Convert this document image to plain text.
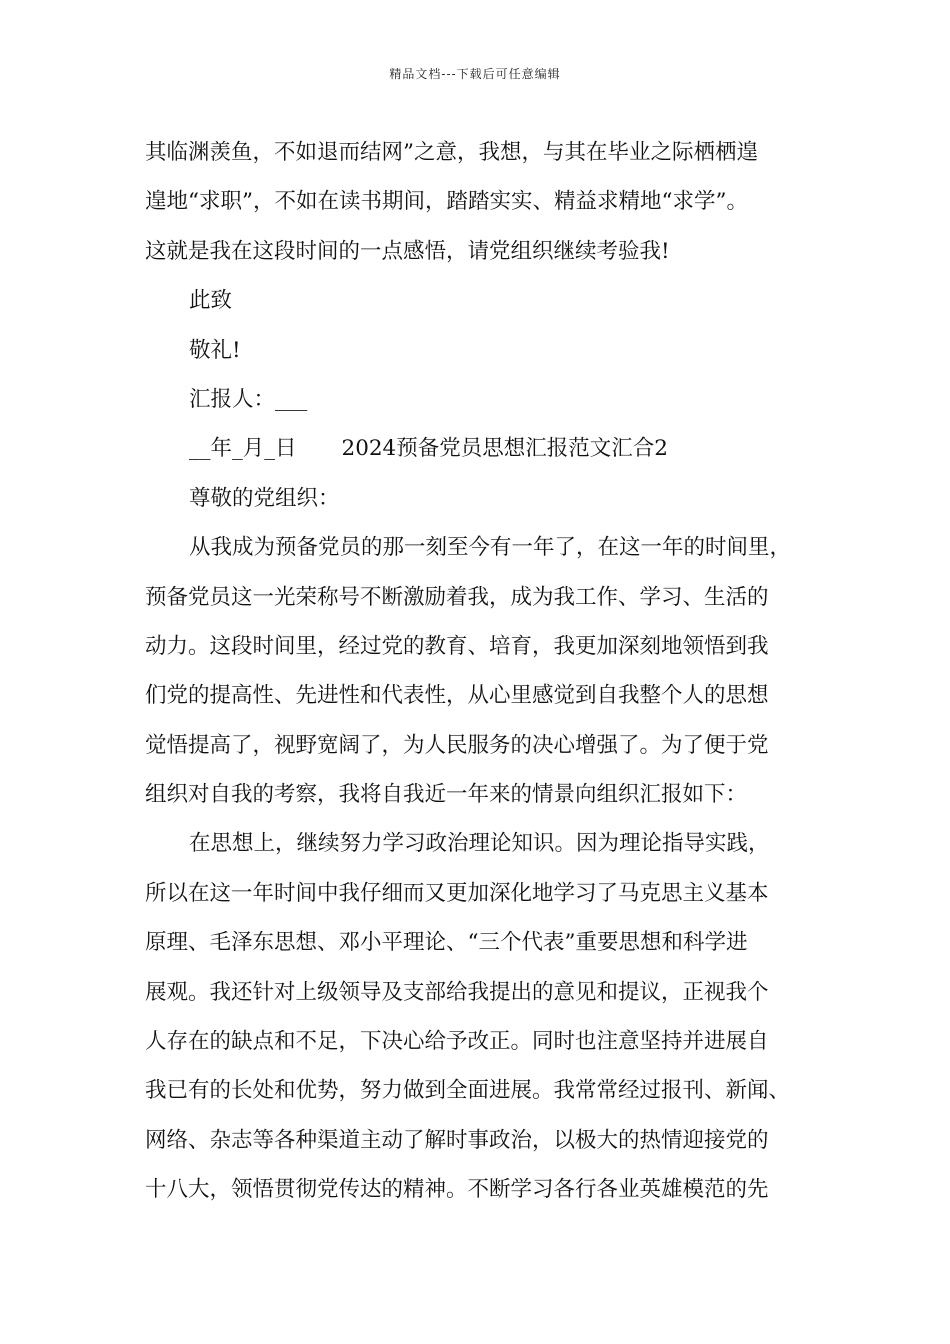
精品文档---下载后可任意编辑
其临渊羡鱼，不如退而结网”之意，我想，与其在毕业之际栖栖遑
遑地“求职”，不如在读书期间，踏踏实实、精益求精地“求学”。
这就是我在这段时间的一点感悟，请党组织继续考验我!
此致
敬礼!
汇报人：___
__年_月_日 2024预备党员思想汇报范文汇合2
尊敬的党组织：
从我成为预备党员的那一刻至今有一年了，在这一年的时间里，
预备党员这一光荣称号不断激励着我，成为我工作、学习、生活的
动力。这段时间里，经过党的教育、培育，我更加深刻地领悟到我
们党的提高性、先进性和代表性，从心里感觉到自我整个人的思想
觉悟提高了，视野宽阔了，为人民服务的决心增强了。为了便于党
组织对自我的考察，我将自我近一年来的情景向组织汇报如下：
在思想上，继续努力学习政治理论知识。因为理论指导实践，
所以在这一年时间中我仔细而又更加深化地学习了马克思主义基本
原理、毛泽东思想、邓小平理论、“三个代表”重要思想和科学进
展观。我还针对上级领导及支部给我提出的意见和提议，正视我个
人存在的缺点和不足，下决心给予改正。同时也注意坚持并进展自
我已有的长处和优势，努力做到全面进展。我常常经过报刊、新闻、
网络、杂志等各种渠道主动了解时事政治，以极大的热情迎接党的
十八大，领悟贯彻党传达的精神。不断学习各行各业英雄模范的先
